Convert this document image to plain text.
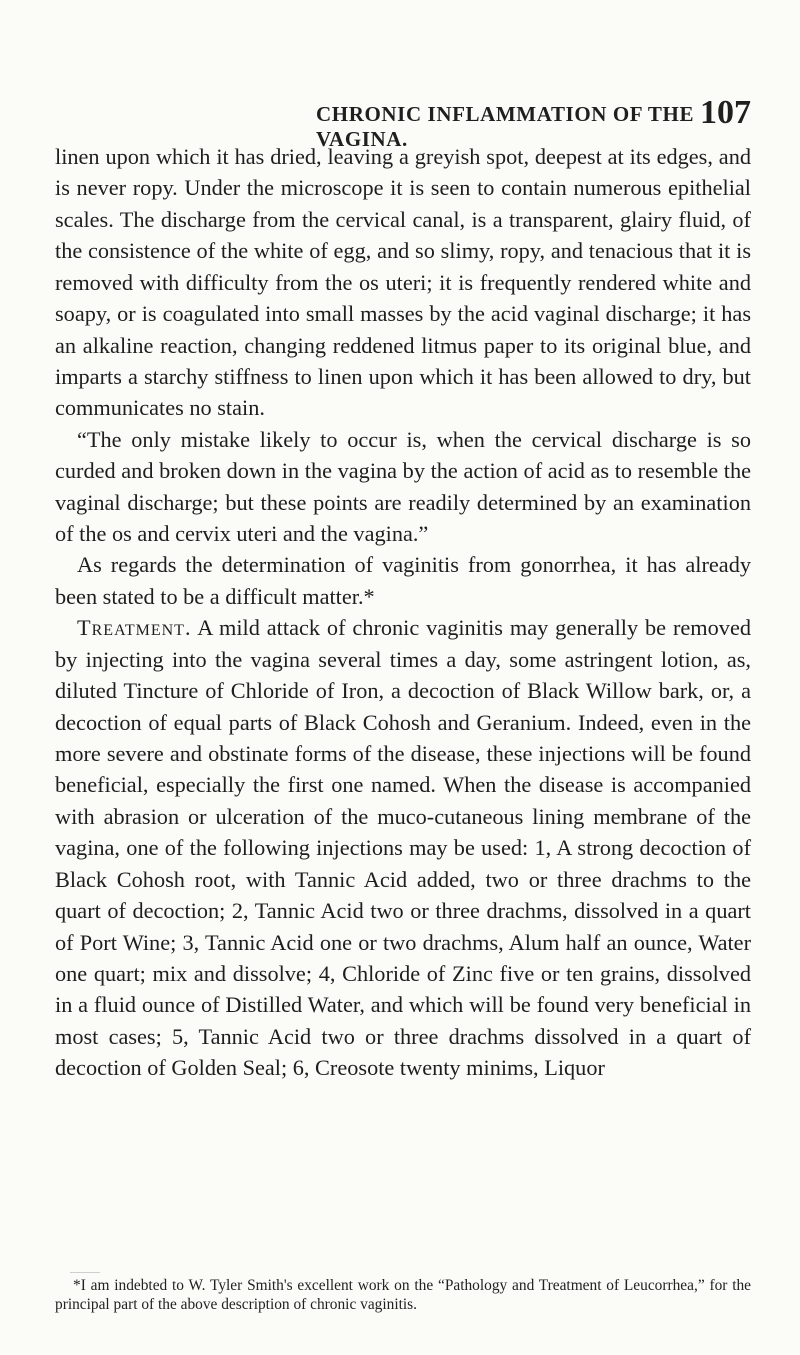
CHRONIC INFLAMMATION OF THE VAGINA.
107

linen upon which it has dried, leaving a greyish spot, deepest at its edges, and is never ropy. Under the microscope it is seen to contain numerous epithelial scales. The discharge from the cervical canal, is a transparent, glairy fluid, of the consistence of the white of egg, and so slimy, ropy, and tenacious that it is removed with difficulty from the os uteri; it is frequently rendered white and soapy, or is coagulated into small masses by the acid vaginal discharge; it has an alkaline reaction, changing reddened litmus paper to its original blue, and imparts a starchy stiffness to linen upon which it has been allowed to dry, but communicates no stain.

“The only mistake likely to occur is, when the cervical discharge is so curded and broken down in the vagina by the action of acid as to resemble the vaginal discharge; but these points are readily determined by an examination of the os and cervix uteri and the vagina.”

As regards the determination of vaginitis from gonorrhea, it has already been stated to be a difficult matter.*

Treatment. A mild attack of chronic vaginitis may generally be removed by injecting into the vagina several times a day, some astringent lotion, as, diluted Tincture of Chloride of Iron, a decoction of Black Willow bark, or, a decoction of equal parts of Black Cohosh and Geranium. Indeed, even in the more severe and obstinate forms of the disease, these injections will be found beneficial, especially the first one named. When the disease is accompanied with abrasion or ulceration of the muco-cutaneous lining membrane of the vagina, one of the following injections may be used: 1, A strong decoction of Black Cohosh root, with Tannic Acid added, two or three drachms to the quart of decoction; 2, Tannic Acid two or three drachms, dissolved in a quart of Port Wine; 3, Tannic Acid one or two drachms, Alum half an ounce, Water one quart; mix and dissolve; 4, Chloride of Zinc five or ten grains, dissolved in a fluid ounce of Distilled Water, and which will be found very beneficial in most cases; 5, Tannic Acid two or three drachms dissolved in a quart of decoction of Golden Seal; 6, Creosote twenty minims, Liquor

*I am indebted to W. Tyler Smith's excellent work on the “Pathology and Treatment of Leucorrhea,” for the principal part of the above description of chronic vaginitis.
